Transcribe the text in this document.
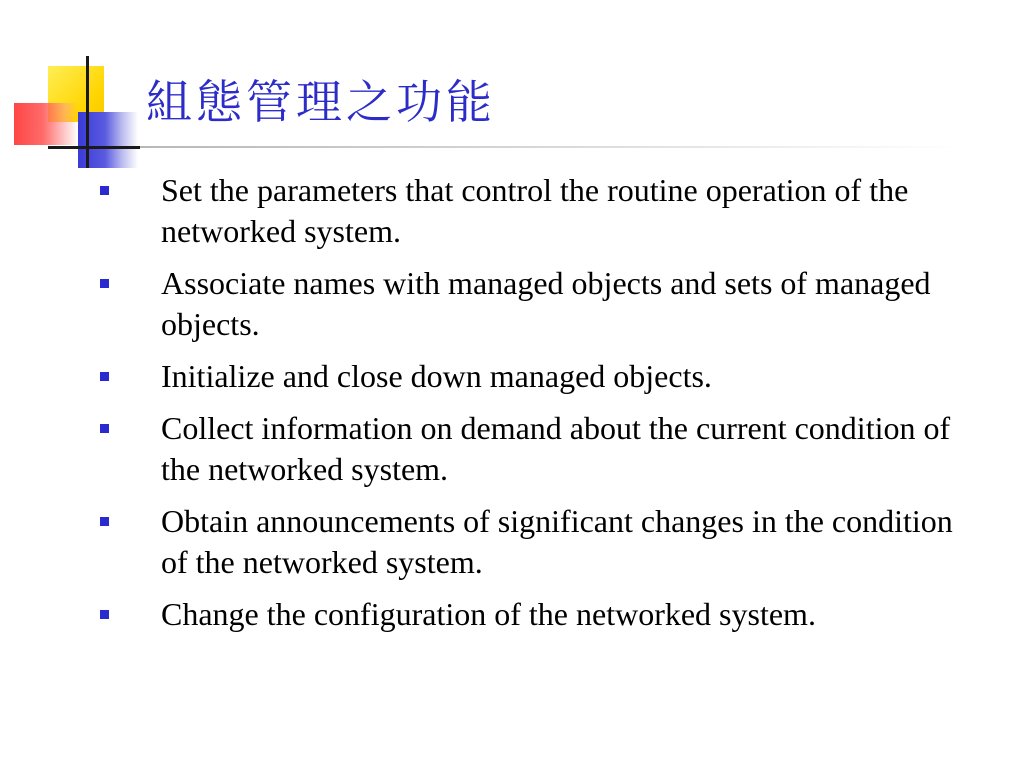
組態管理之功能
Set the parameters that control the routine operation of the networked system.
Associate names with managed objects and sets of managed objects.
Initialize and close down managed objects.
Collect information on demand about the current condition of the networked system.
Obtain announcements of significant changes in the condition of the networked system.
Change the configuration of the networked system.
